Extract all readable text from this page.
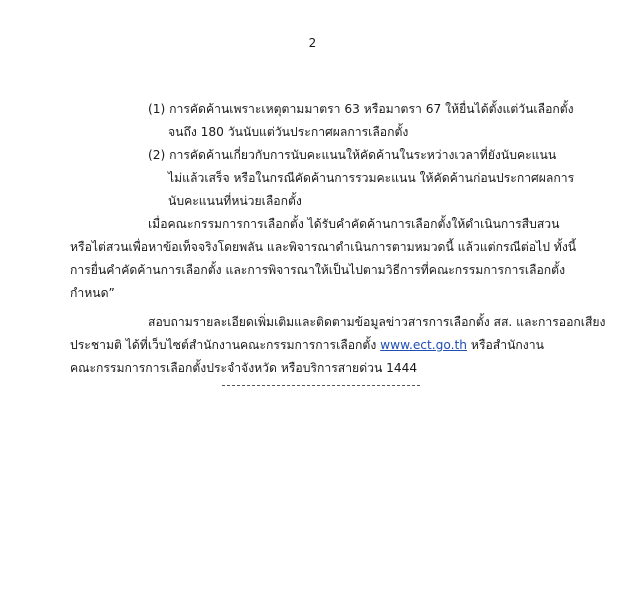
2
(1) การคัดค้านเพราะเหตุตามมาตรา 63 หรือมาตรา 67 ให้ยื่นได้ตั้งแต่วันเลือกตั้ง
จนถึง 180 วันนับแต่วันประกาศผลการเลือกตั้ง
(2) การคัดค้านเกี่ยวกับการนับคะแนนให้คัดค้านในระหว่างเวลาที่ยังนับคะแนน
ไม่แล้วเสร็จ หรือในกรณีคัดค้านการรวมคะแนน ให้คัดค้านก่อนประกาศผลการ
นับคะแนนที่หน่วยเลือกตั้ง
เมื่อคณะกรรมการการเลือกตั้ง ได้รับคำคัดค้านการเลือกตั้งให้ดำเนินการสืบสวน
หรือไต่สวนเพื่อหาข้อเท็จจริงโดยพลัน และพิจารณาดำเนินการตามหมวดนี้ แล้วแต่กรณีต่อไป ทั้งนี้
การยื่นคำคัดค้านการเลือกตั้ง และการพิจารณาให้เป็นไปตามวิธีการที่คณะกรรมการการเลือกตั้ง
กำหนด”
สอบถามรายละเอียดเพิ่มเติมและติดตามข้อมูลข่าวสารการเลือกตั้ง สส. และการออกเสียง
ประชามติ ได้ที่เว็บไซต์สำนักงานคณะกรรมการการเลือกตั้ง www.ect.go.th หรือสำนักงาน
คณะกรรมการการเลือกตั้งประจำจังหวัด หรือบริการสายด่วน 1444
